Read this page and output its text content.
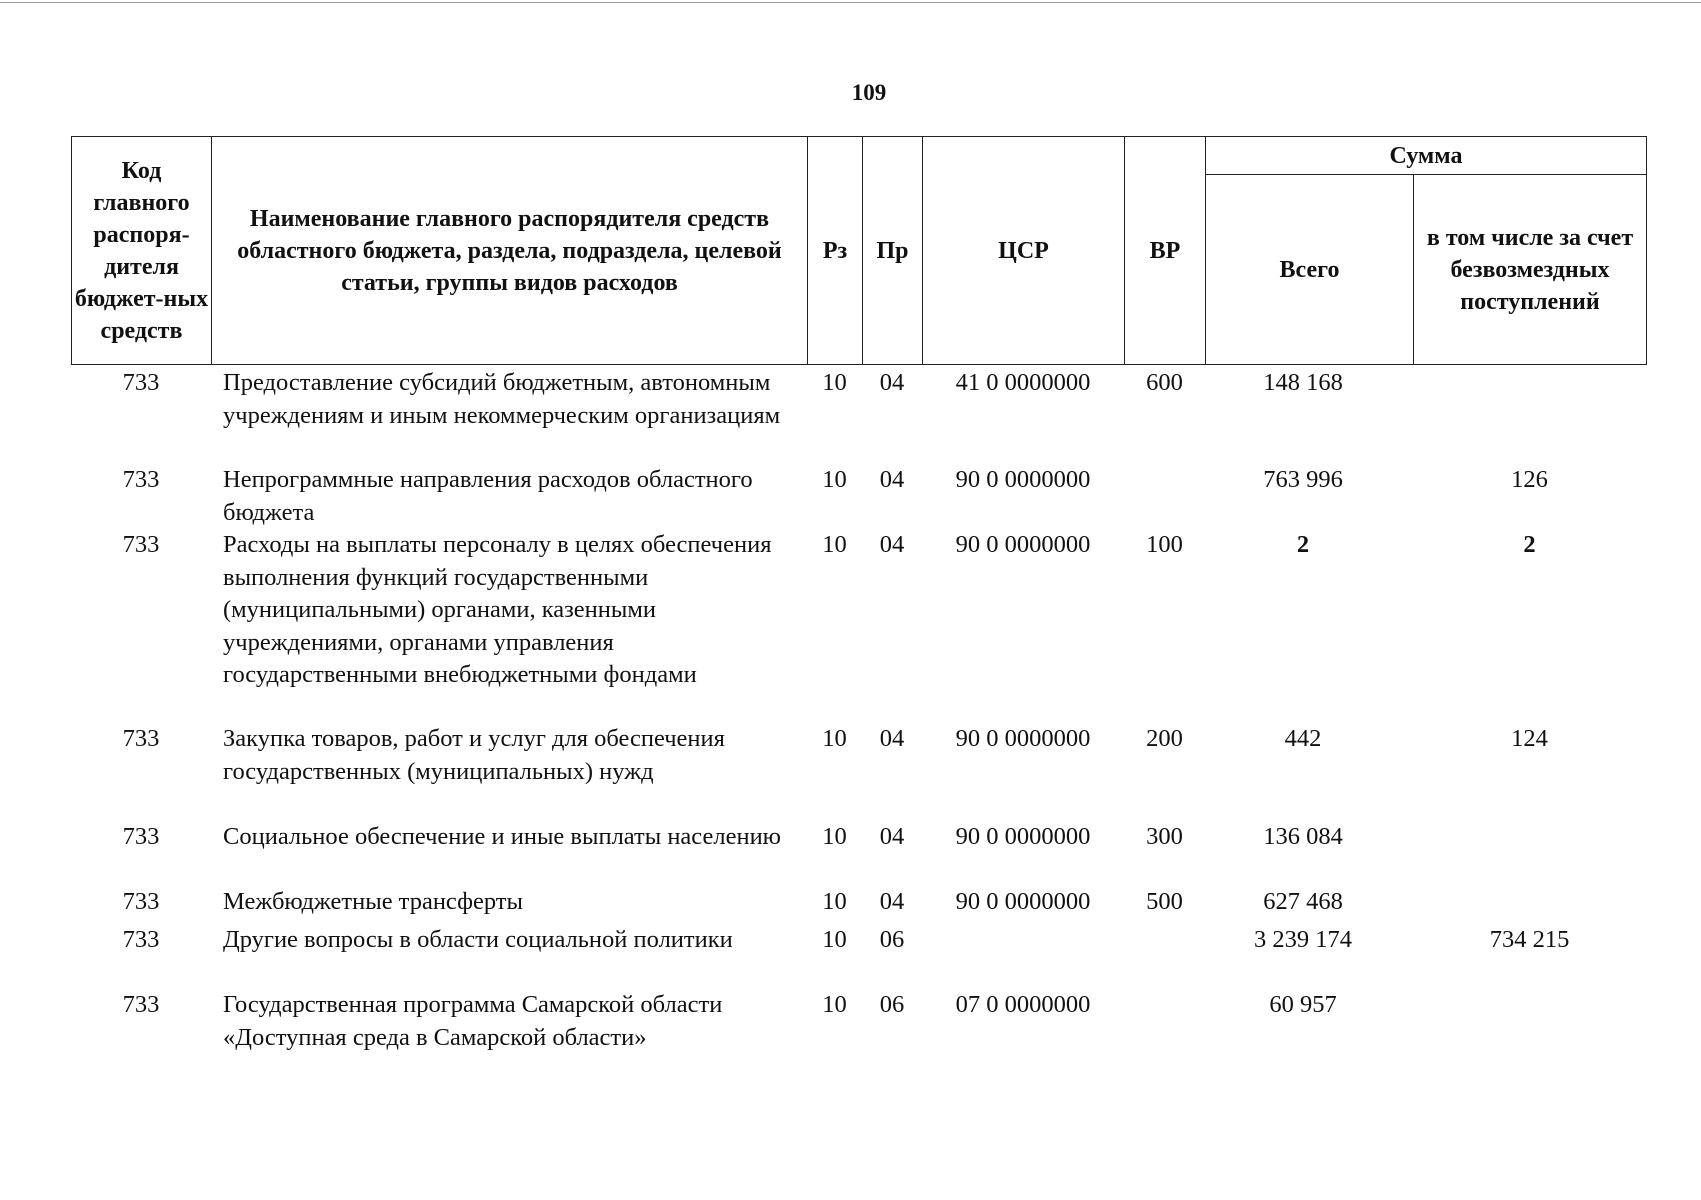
109
Код главного распоря-дителя бюджет-ных средств	Наименование главного распорядителя средств областного бюджета, раздела, подраздела, целевой статьи, группы видов расходов	Рз	Пр	ЦСР	ВР	Сумма	
						Всего	в том числе за счет безвозмездных поступлений
733	Предоставление субсидий бюджетным, автономным учреждениям и иным некоммерческим организациям	10	04	41 0 0000000	600	148 168	
733	Непрограммные направления расходов областного бюджета	10	04	90 0 0000000		763 996	126
733	Расходы на выплаты персоналу в целях обеспечения выполнения функций государственными (муниципальными) органами, казенными учреждениями, органами управления государственными внебюджетными фондами	10	04	90 0 0000000	100	2	2
733	Закупка товаров, работ и услуг для обеспечения государственных (муниципальных) нужд	10	04	90 0 0000000	200	442	124
733	Социальное обеспечение и иные выплаты населению	10	04	90 0 0000000	300	136 084	
733	Межбюджетные трансферты	10	04	90 0 0000000	500	627 468	
733	Другие вопросы в области социальной политики	10	06			3 239 174	734 215
733	Государственная программа Самарской области «Доступная среда в Самарской области»	10	06	07 0 0000000		60 957	
